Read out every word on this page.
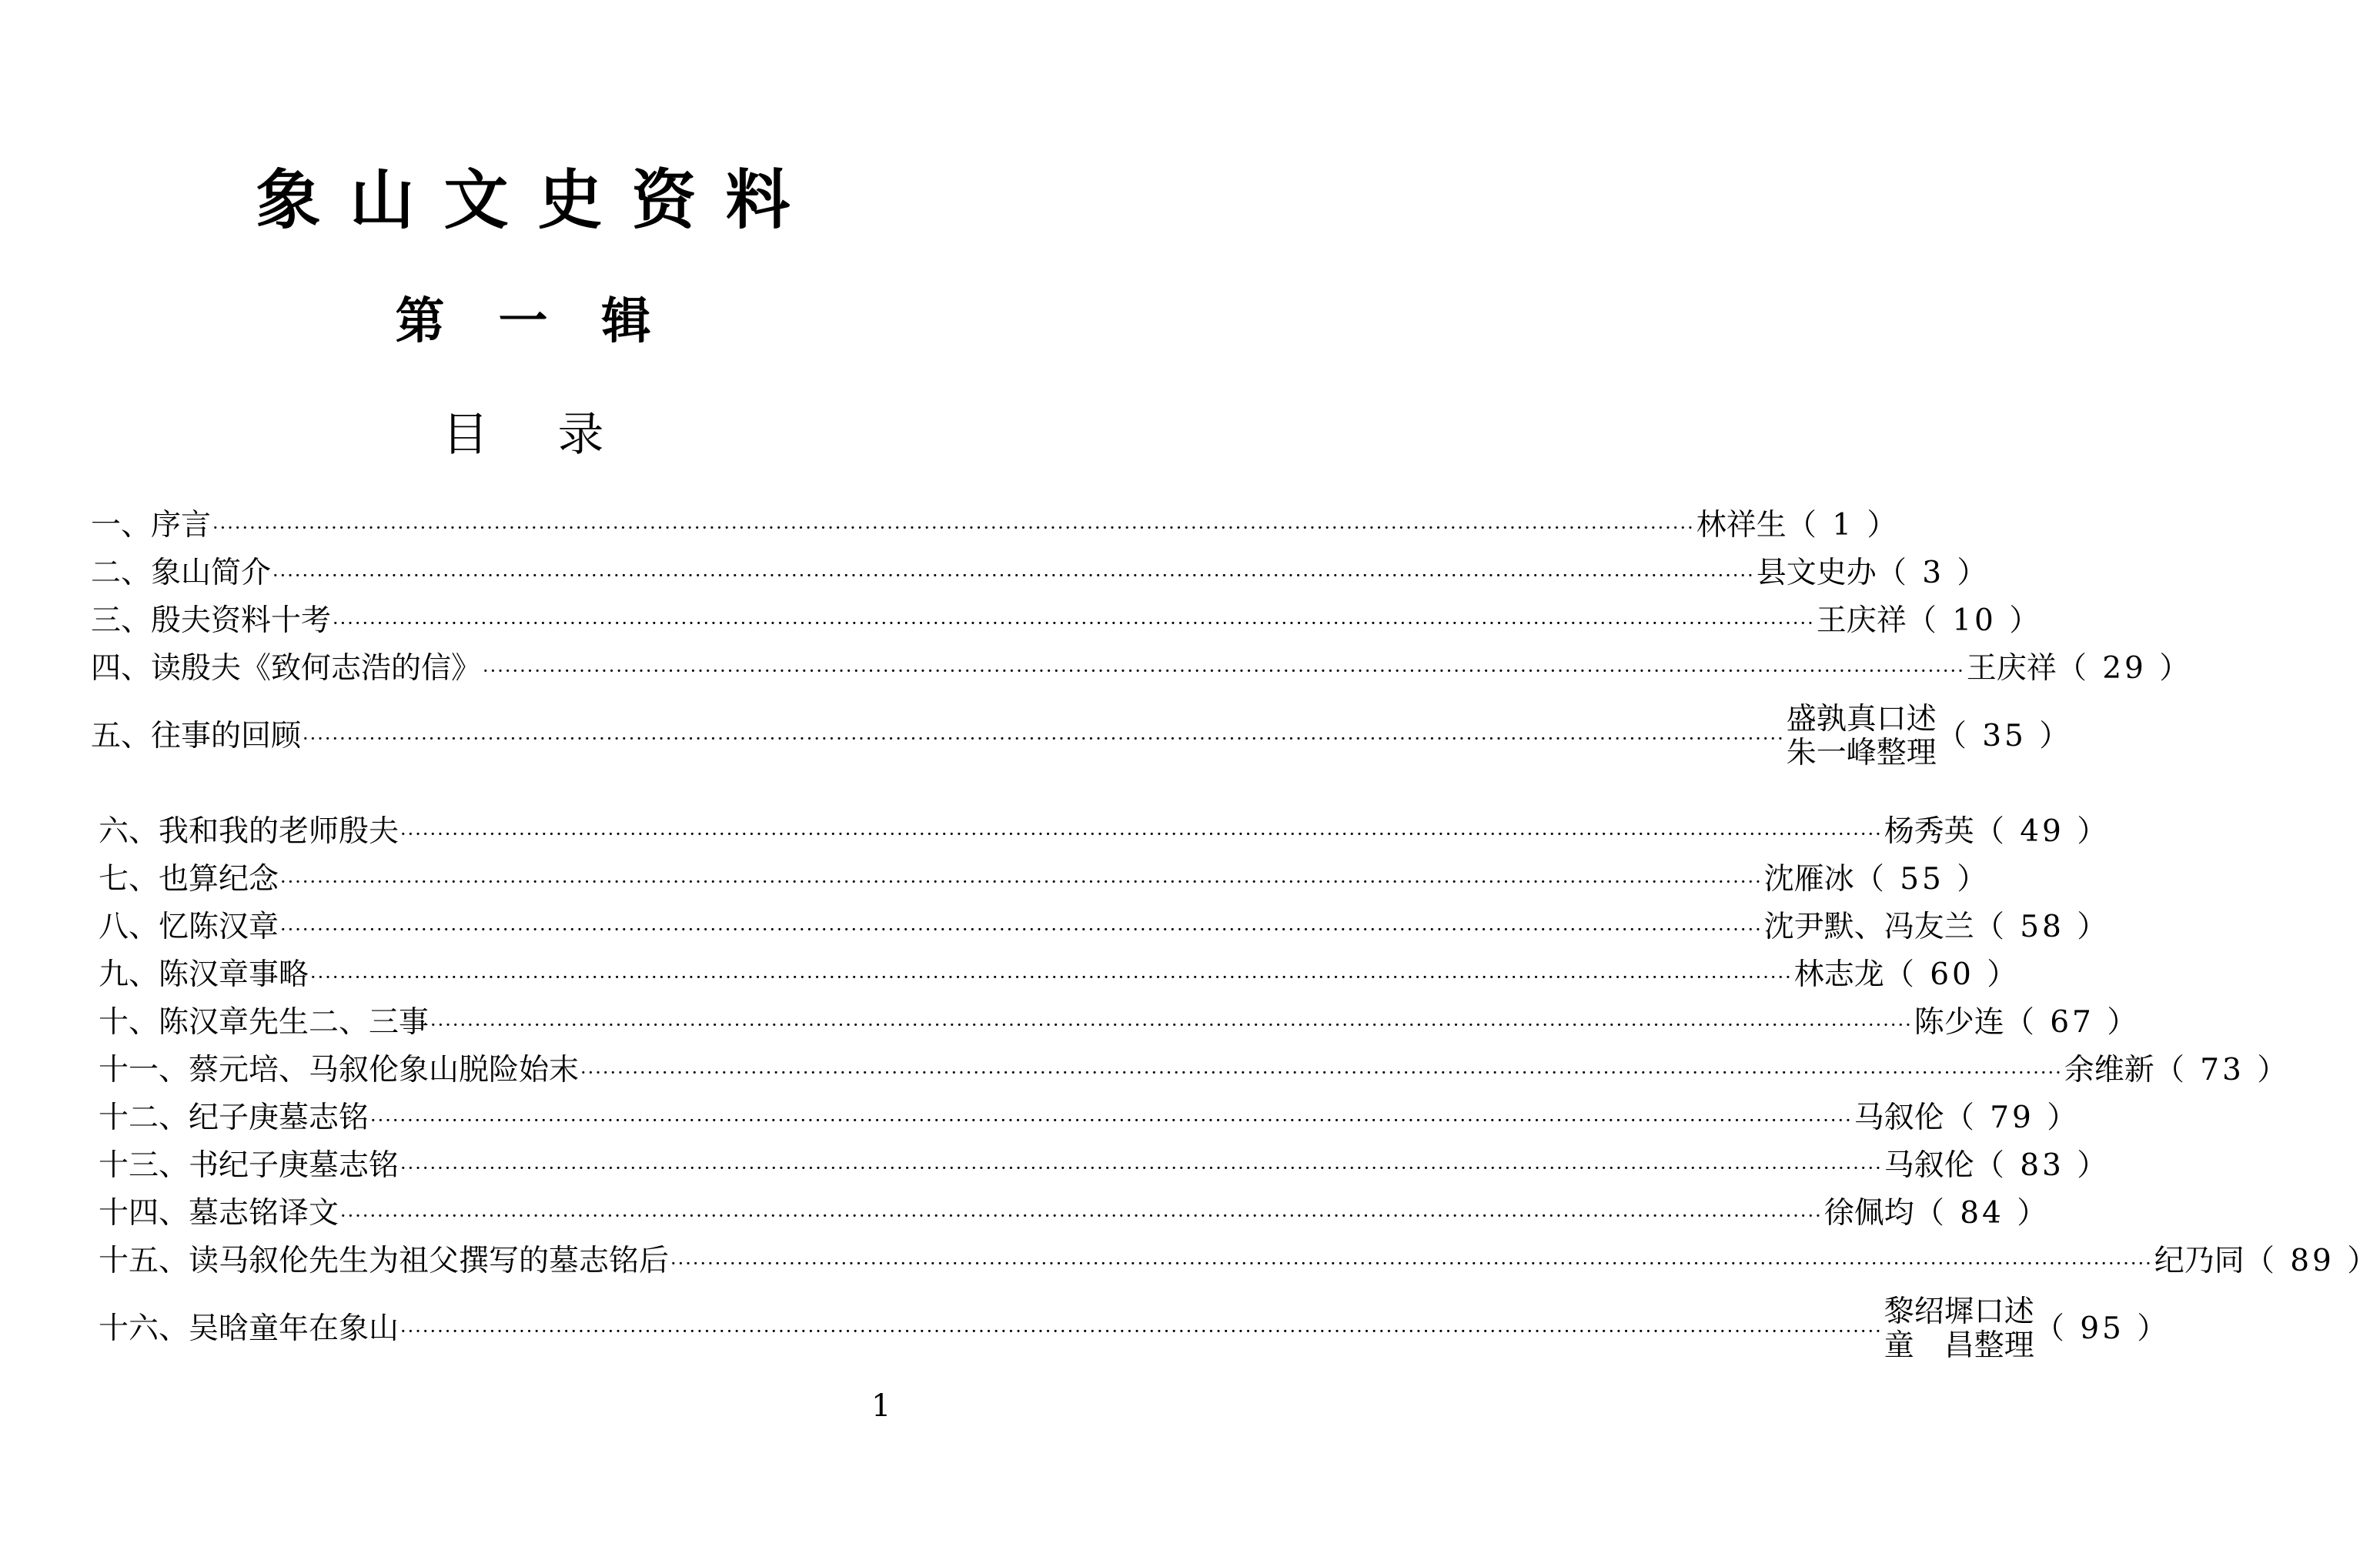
象山文史资料
第一辑
目录
一、序言 ········································································································································································································ 林祥生 （ 1 ）
二、象山简介 ········································································································································································································ 县文史办 （ 3 ）
三、殷夫资料十考 ········································································································································································································ 王庆祥 （ 10 ）
四、读殷夫《致何志浩的信》 ········································································································································································································ 王庆祥 （ 29 ）
五、往事的回顾 ········································································································································································································
盛孰真口述
朱一峰整理 （ 35 ）
六、我和我的老师殷夫 ········································································································································································································ 杨秀英 （ 49 ）
七、也算纪念 ········································································································································································································ 沈雁冰 （ 55 ）
八、忆陈汉章 ········································································································································································································ 沈尹默、冯友兰 （ 58 ）
九、陈汉章事略 ········································································································································································································ 林志龙 （ 60 ）
十、陈汉章先生二、三事 ········································································································································································································ 陈少连 （ 67 ）
十一、蔡元培、马叙伦象山脱险始末 ········································································································································································································ 余维新 （ 73 ）
十二、纪子庚墓志铭 ········································································································································································································ 马叙伦 （ 79 ）
十三、书纪子庚墓志铭 ········································································································································································································ 马叙伦 （ 83 ）
十四、墓志铭译文 ········································································································································································································ 徐佩均 （ 84 ）
十五、读马叙伦先生为祖父撰写的墓志铭后 ········································································································································································································ 纪乃同 （ 89 ）
十六、吴晗童年在象山 ········································································································································································································
黎绍墀口述
童　昌整理 （ 95 ）
1
